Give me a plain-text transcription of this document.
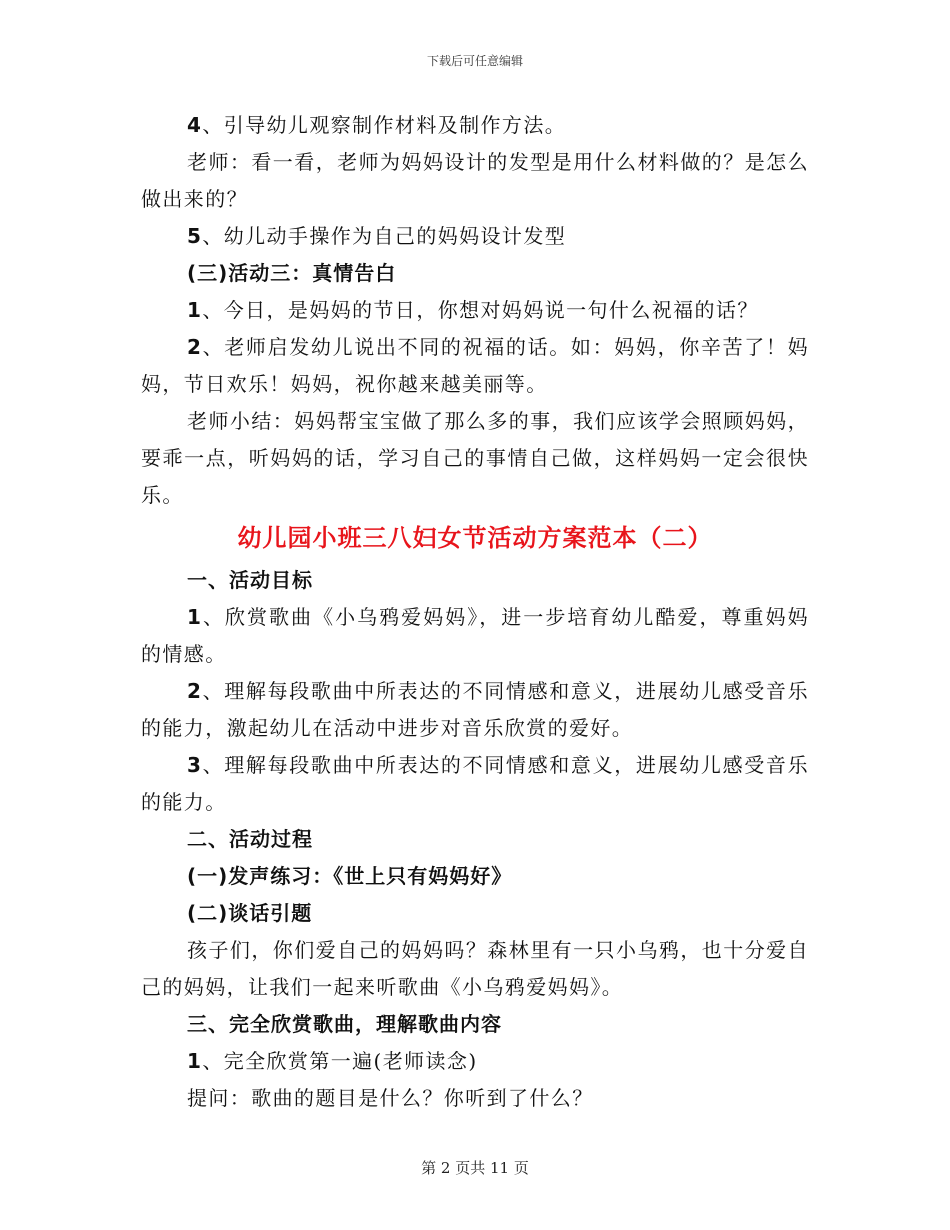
下载后可任意编辑

4、引导幼儿观察制作材料及制作方法。

老师：看一看，老师为妈妈设计的发型是用什么材料做的？是怎么做出来的？

5、幼儿动手操作为自己的妈妈设计发型

(三)活动三：真情告白

1、今日，是妈妈的节日，你想对妈妈说一句什么祝福的话？

2、老师启发幼儿说出不同的祝福的话。如：妈妈，你辛苦了！妈妈，节日欢乐！妈妈，祝你越来越美丽等。

老师小结：妈妈帮宝宝做了那么多的事，我们应该学会照顾妈妈，要乖一点，听妈妈的话，学习自己的事情自己做，这样妈妈一定会很快乐。

幼儿园小班三八妇女节活动方案范本（二）

一、活动目标

1、欣赏歌曲《小乌鸦爱妈妈》，进一步培育幼儿酷爱，尊重妈妈的情感。

2、理解每段歌曲中所表达的不同情感和意义，进展幼儿感受音乐的能力，激起幼儿在活动中进步对音乐欣赏的爱好。

3、理解每段歌曲中所表达的不同情感和意义，进展幼儿感受音乐的能力。

二、活动过程

(一)发声练习：《世上只有妈妈好》

(二)谈话引题

孩子们，你们爱自己的妈妈吗？森林里有一只小乌鸦，也十分爱自己的妈妈，让我们一起来听歌曲《小乌鸦爱妈妈》。

三、完全欣赏歌曲，理解歌曲内容

1、完全欣赏第一遍(老师读念)

提问：歌曲的题目是什么？你听到了什么？

第 2 页共 11 页
